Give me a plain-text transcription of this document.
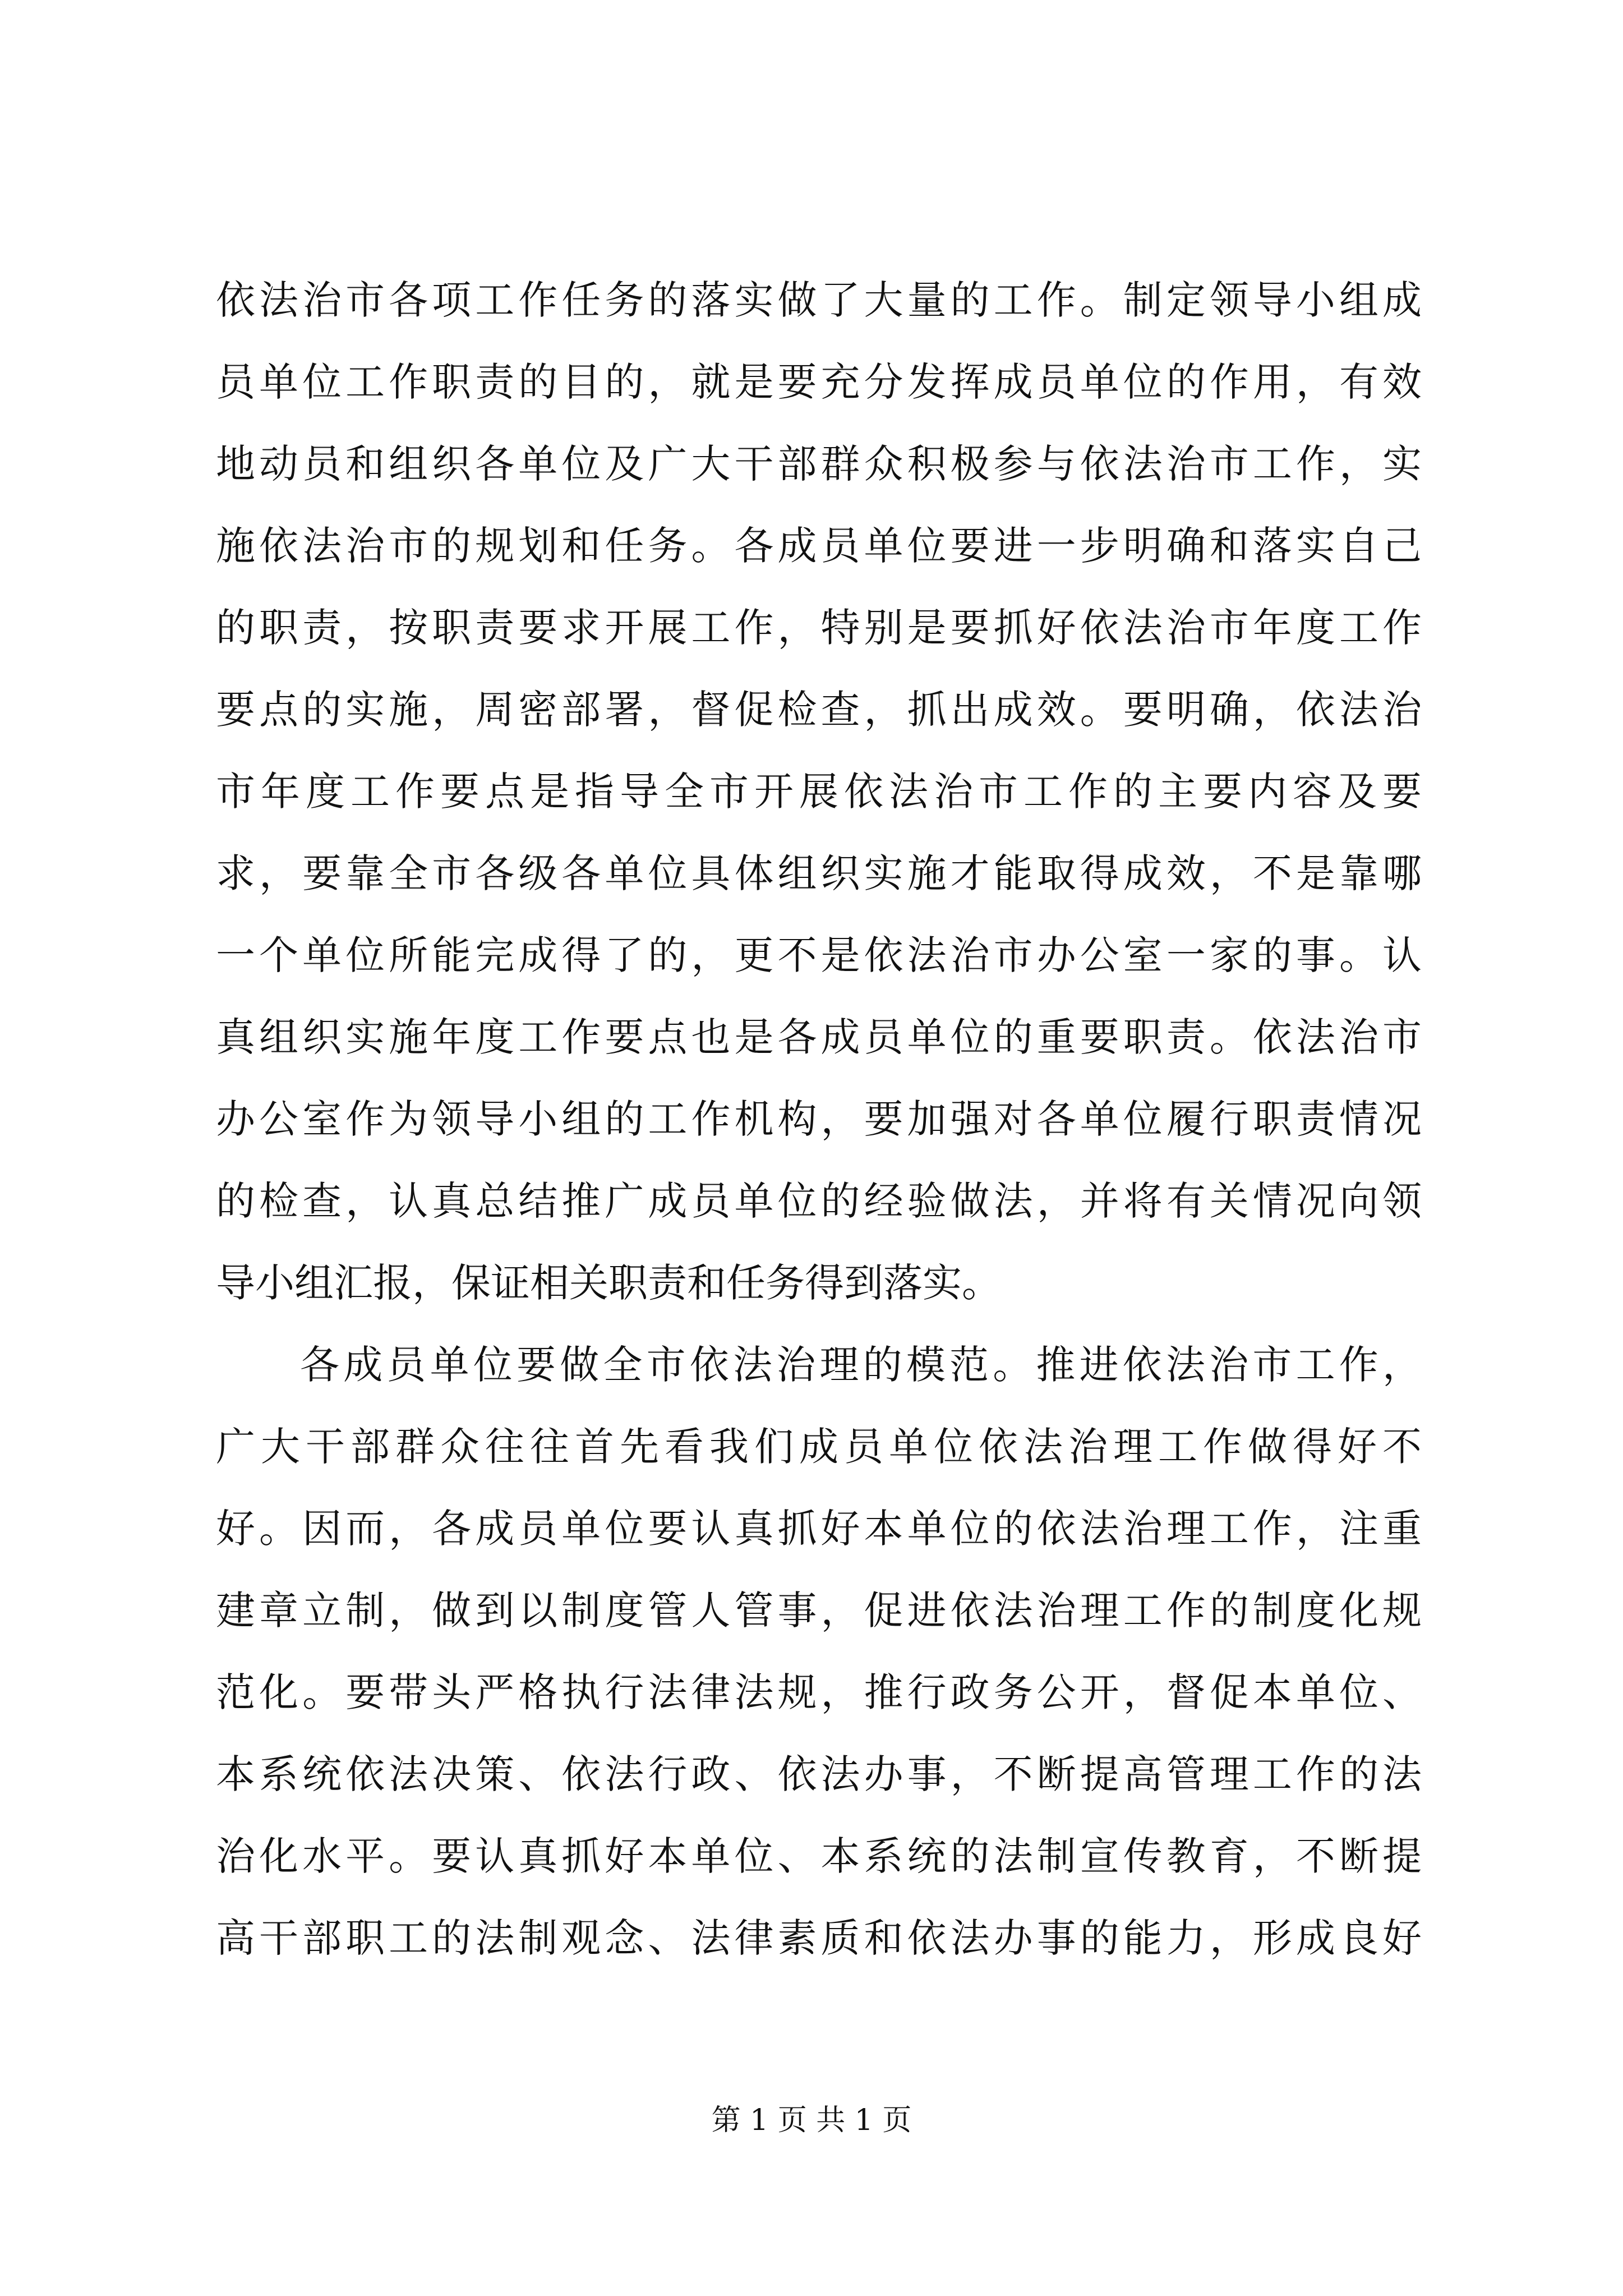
依法治市各项工作任务的落实做了大量的工作。制定领导小组成
员单位工作职责的目的，就是要充分发挥成员单位的作用，有效
地动员和组织各单位及广大干部群众积极参与依法治市工作，实
施依法治市的规划和任务。各成员单位要进一步明确和落实自己
的职责，按职责要求开展工作，特别是要抓好依法治市年度工作
要点的实施，周密部署，督促检查，抓出成效。要明确，依法治
市年度工作要点是指导全市开展依法治市工作的主要内容及要
求，要靠全市各级各单位具体组织实施才能取得成效，不是靠哪
一个单位所能完成得了的，更不是依法治市办公室一家的事。认
真组织实施年度工作要点也是各成员单位的重要职责。依法治市
办公室作为领导小组的工作机构，要加强对各单位履行职责情况
的检查，认真总结推广成员单位的经验做法，并将有关情况向领
导小组汇报，保证相关职责和任务得到落实。
各成员单位要做全市依法治理的模范。推进依法治市工作，
广大干部群众往往首先看我们成员单位依法治理工作做得好不
好。因而，各成员单位要认真抓好本单位的依法治理工作，注重
建章立制，做到以制度管人管事，促进依法治理工作的制度化规
范化。要带头严格执行法律法规，推行政务公开，督促本单位、
本系统依法决策、依法行政、依法办事，不断提高管理工作的法
治化水平。要认真抓好本单位、本系统的法制宣传教育，不断提
高干部职工的法制观念、法律素质和依法办事的能力，形成良好
第 1 页 共 1 页
